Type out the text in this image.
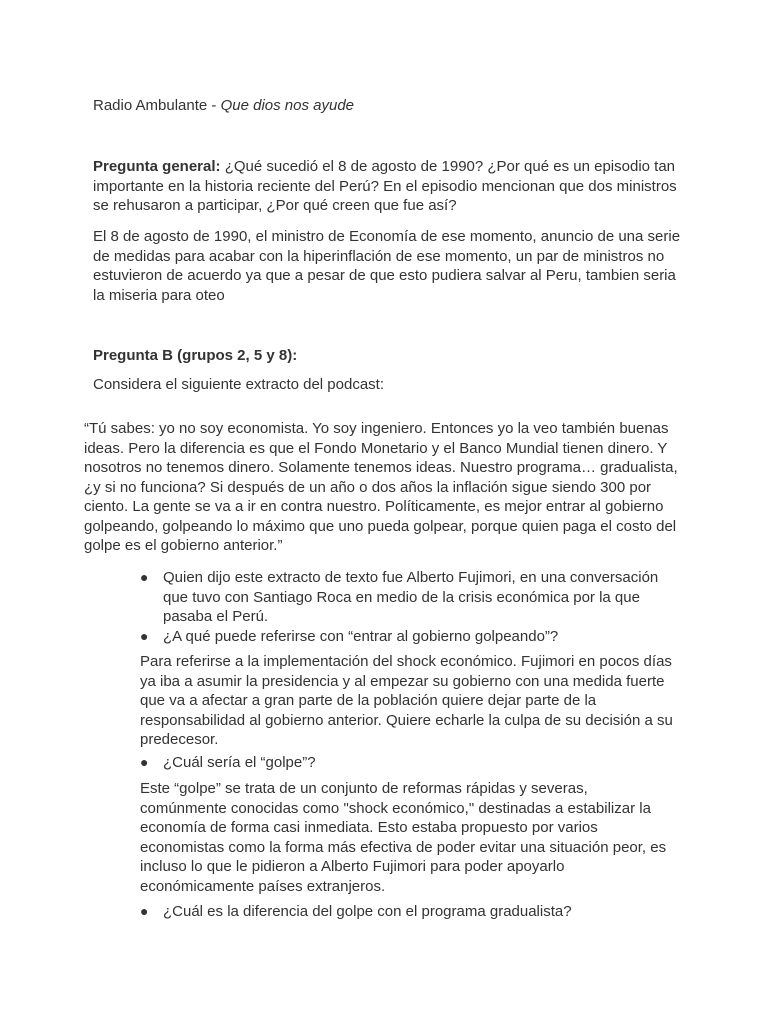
Radio Ambulante - Que dios nos ayude

Pregunta general: ¿Qué sucedió el 8 de agosto de 1990? ¿Por qué es un episodio tan importante en la historia reciente del Perú? En el episodio mencionan que dos ministros se rehusaron a participar, ¿Por qué creen que fue así?

El 8 de agosto de 1990, el ministro de Economía de ese momento, anuncio de una serie de medidas para acabar con la hiperinflación de ese momento, un par de ministros no estuvieron de acuerdo ya que a pesar de que esto pudiera salvar al Peru, tambien seria la miseria para oteo

Pregunta B (grupos 2, 5 y 8):

Considera el siguiente extracto del podcast:

“Tú sabes: yo no soy economista. Yo soy ingeniero. Entonces yo la veo también buenas ideas. Pero la diferencia es que el Fondo Monetario y el Banco Mundial tienen dinero. Y nosotros no tenemos dinero. Solamente tenemos ideas. Nuestro programa… gradualista, ¿y si no funciona? Si después de un año o dos años la inflación sigue siendo 300 por ciento. La gente se va a ir en contra nuestro. Políticamente, es mejor entrar al gobierno golpeando, golpeando lo máximo que uno pueda golpear, porque quien paga el costo del golpe es el gobierno anterior.”

● Quien dijo este extracto de texto fue Alberto Fujimori, en una conversación que tuvo con Santiago Roca en medio de la crisis económica por la que pasaba el Perú.
● ¿A qué puede referirse con “entrar al gobierno golpeando”?

Para referirse a la implementación del shock económico. Fujimori en pocos días ya iba a asumir la presidencia y al empezar su gobierno con una medida fuerte que va a afectar a gran parte de la población quiere dejar parte de la responsabilidad al gobierno anterior. Quiere echarle la culpa de su decisión a su predecesor.

● ¿Cuál sería el “golpe”?

Este “golpe” se trata de un conjunto de reformas rápidas y severas, comúnmente conocidas como "shock económico," destinadas a estabilizar la economía de forma casi inmediata. Esto estaba propuesto por varios economistas como la forma más efectiva de poder evitar una situación peor, es incluso lo que le pidieron a Alberto Fujimori para poder apoyarlo económicamente países extranjeros.

● ¿Cuál es la diferencia del golpe con el programa gradualista?
